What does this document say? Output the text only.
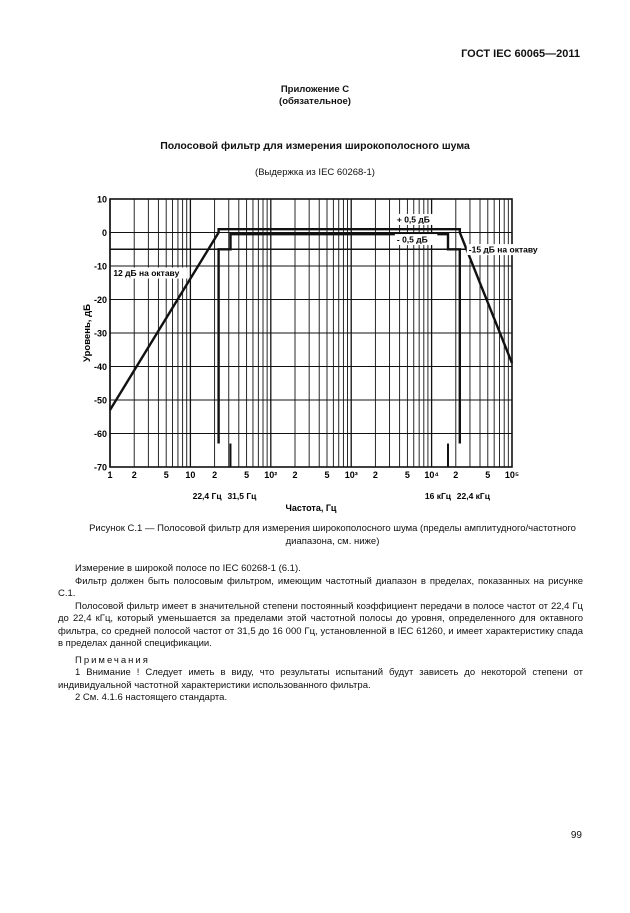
ГОСТ IEC 60065—2011
Приложение С
(обязательное)
Полосовой фильтр для измерения широкополосного шума
(Выдержка из IEC 60268-1)
10
0
-10
-20
-30
-40
-50
-60
-70
1 2	5 10 2	5 10² 2	5 10³ 2	5 10⁴ 2	5 10⁵
Уровень, дБ
Частота, Гц
+ 0,5 дБ
- 0,5 дБ
-15 дБ на октаву
12 дБ на октаву
22,4 Гц 31,5 Гц	16 кГц 22,4 кГц
Рисунок С.1 — Полосовой фильтр для измерения широкополосного шума (пределы амплитудного/частотного диапазона, см. ниже)

Измерение в широкой полосе по IEC 60268-1 (6.1).

Фильтр должен быть полосовым фильтром, имеющим частотный диапазон в пределах, показанных на рисунке С.1.

Полосовой фильтр имеет в значительной степени постоянный коэффициент передачи в полосе частот от 22,4 Гц до 22,4 кГц, который уменьшается за пределами этой частотной полосы до уровня, определенного для октавного фильтра, со средней полосой частот от 31,5 до 16 000 Гц, установленной в IEC 61260, и имеет характеристику спада в пределах данной спецификации.

Примечания

1 Внимание ! Следует иметь в виду, что результаты испытаний будут зависеть до некоторой степени от индивидуальной частотной характеристики использованного фильтра.

2 См. 4.1.6 настоящего стандарта.

99
